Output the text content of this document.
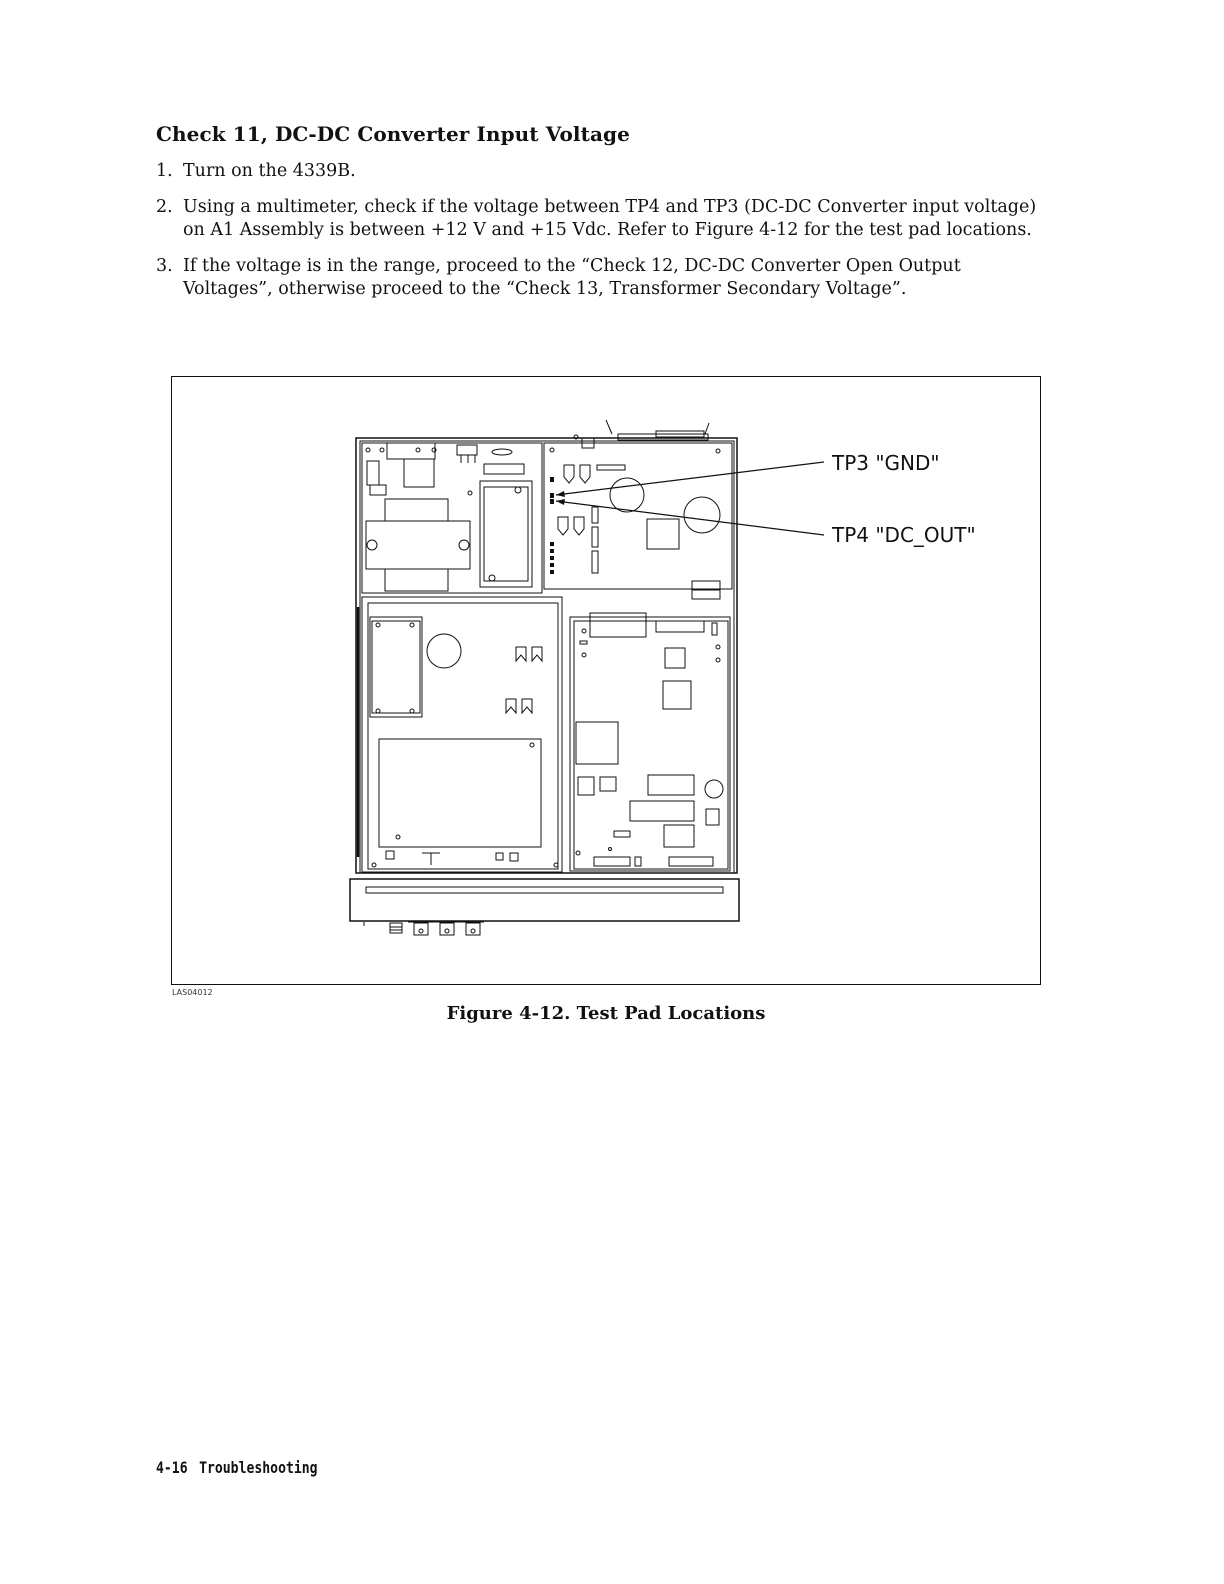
Check 11, DC-DC Converter Input Voltage
1. Turn on the 4339B.
2. Using a multimeter, check if the voltage between TP4 and TP3 (DC-DC Converter input voltage) on A1 Assembly is between +12 V and +15 Vdc. Refer to Figure 4-12 for the test pad locations.
3. If the voltage is in the range, proceed to the “Check 12, DC-DC Converter Open Output Voltages”, otherwise proceed to the “Check 13, Transformer Secondary Voltage”.
TP3 "GND"
TP4 "DC_OUT"
LAS04012

Figure 4-12. Test Pad Locations

4-16 Troubleshooting
